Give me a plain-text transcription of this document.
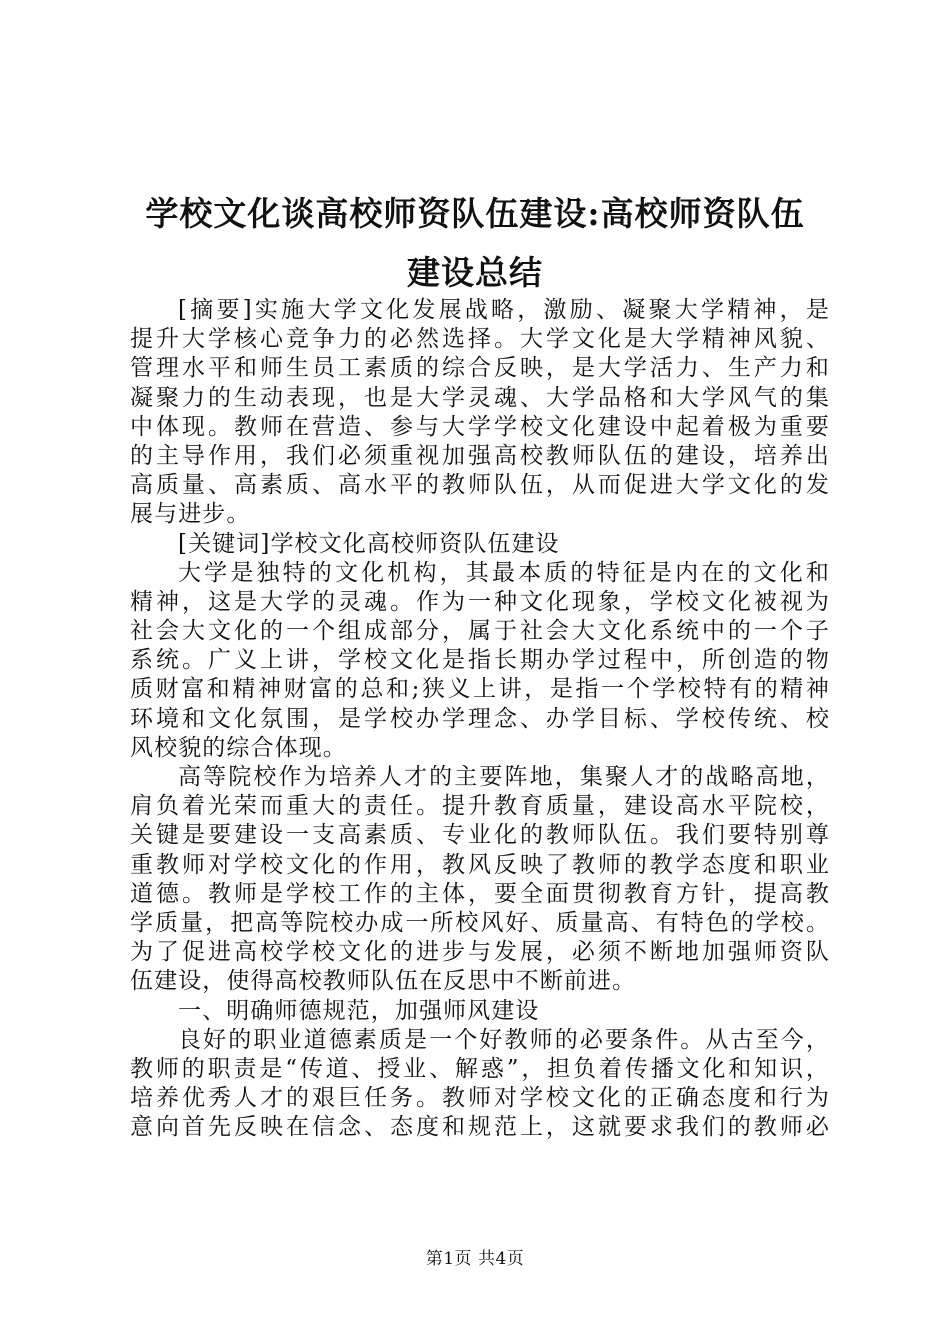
学校文化谈高校师资队伍建设:高校师资队伍
建设总结
[摘要]实施大学文化发展战略，激励、凝聚大学精神，是
提升大学核心竞争力的必然选择。大学文化是大学精神风貌、
管理水平和师生员工素质的综合反映，是大学活力、生产力和
凝聚力的生动表现，也是大学灵魂、大学品格和大学风气的集
中体现。教师在营造、参与大学学校文化建设中起着极为重要
的主导作用，我们必须重视加强高校教师队伍的建设，培养出
高质量、高素质、高水平的教师队伍，从而促进大学文化的发
展与进步。
[关键词]学校文化高校师资队伍建设
大学是独特的文化机构，其最本质的特征是内在的文化和
精神，这是大学的灵魂。作为一种文化现象，学校文化被视为
社会大文化的一个组成部分，属于社会大文化系统中的一个子
系统。广义上讲，学校文化是指长期办学过程中，所创造的物
质财富和精神财富的总和;狭义上讲，是指一个学校特有的精神
环境和文化氛围，是学校办学理念、办学目标、学校传统、校
风校貌的综合体现。
高等院校作为培养人才的主要阵地，集聚人才的战略高地，
肩负着光荣而重大的责任。提升教育质量，建设高水平院校，
关键是要建设一支高素质、专业化的教师队伍。我们要特别尊
重教师对学校文化的作用，教风反映了教师的教学态度和职业
道德。教师是学校工作的主体，要全面贯彻教育方针，提高教
学质量，把高等院校办成一所校风好、质量高、有特色的学校。
为了促进高校学校文化的进步与发展，必须不断地加强师资队
伍建设，使得高校教师队伍在反思中不断前进。
一、明确师德规范，加强师风建设
良好的职业道德素质是一个好教师的必要条件。从古至今，
教师的职责是“传道、授业、解惑”，担负着传播文化和知识，
培养优秀人才的艰巨任务。教师对学校文化的正确态度和行为
意向首先反映在信念、态度和规范上，这就要求我们的教师必
第1页 共4页
